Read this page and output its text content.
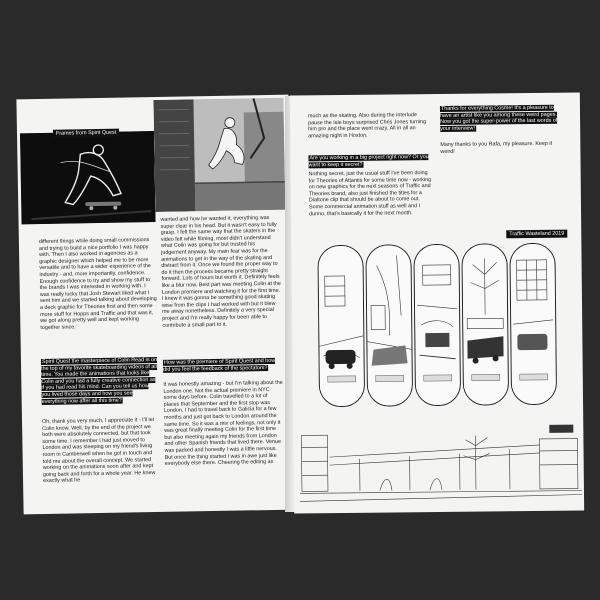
Frames from Spirit Quest
different things while doing small commissions and trying to build a nice portfolio I was happy with. Then I also worked in agencies as a graphic designer which helped me to be more versatile and to have a wider experience of the industry - and, more importantly, confidence. Enough confidence to try and show my stuff to the brands I was interested in working with. I was really lucky that Josh Stewart liked what I sent him and we started talking about developing a deck graphic for Theories first and then some more stuff for Hopps and Traffic and that was it, we got along pretty well and kept working together since.
Spirit Quest the masterpiece of Colin Read is on the top of my favorite skateboarding videos of all time. You made the animations that looks like Colin and you had a fully creative connection as if you had read his mind. Can you tell us how you lived those days and how you see everything now after all this time?
Oh, thank you very much, I appreciate it - I'll let Colin know. Well, by the end of the project we both were absolutely connected, but that took some time. I remember I had just moved to London and was sleeping on my friend's living room in Camberwell when he got in touch and told me about the overall concept. We started working on the animations soon after and kept going back and forth for a whole year. He knew exactly what he
wanted and how he wanted it, everything was super clear in his head. But it wasn't easy to fully grasp. I felt the same way that the skaters in the video felt while filming, most didn't understand what Colin was going for but trusted his judgement anyway. My main fear was for the animations to get in the way of the skating and distract from it. Once we found the proper way to do it then the process became pretty straight forward. Lots of hours but worth it. Definitely feels like a blur now. Best part was meeting Colin at the London premiere and watching it for the first time. I knew it was gonna be something good skating wise from the clips I had worked with but it blew me away nonetheless. Definitely a very special project and I'm really happy for been able to contribute a small part to it.
How was the premiere of Spirit Quest and how did you feel the feedback of the spectators?
It was honestly amazing - but I'm talking about the London one. Not the actual premiere in NYC some days before. Colin travelled to a lot of places that September and the first stop was London. I had to travel back to Galicia for a few months and just got back to London around the same time. So it was a mix of feelings, not only it was great finally meeting Colin for the first time but also meeting again my friends from London and other Spanish friends that lived there. Venue was packed and honestly I was a little nervous. But once the thing started I was in awe just like everybody else there. Cheering the editing as
much as the skating. Also during the interlude pause the Isle boys surprised Chris Jones turning him pro and the place went crazy. All in all an amazing night in Hoxton.
Are you working in a big project right now? Or you want to keep it secret?
Nothing secret, just the usual stuff I've been doing for Theories of Atlantis for some time now - working on new graphics for the next seasons of Traffic and Theories brand, also just finished the titles for a Dialtone clip that should be about to come out. Some commercial animation stuff as well and I dunno, that's basically it for the next month.
Thanks for everything Cosme! It's a pleasure to have an artist like you among these weird pages. Now you got the super-power of the last words of your interview!
Many thanks to you Rafa, my pleasure. Keep it weird!
Traffic Wasteland 2019
